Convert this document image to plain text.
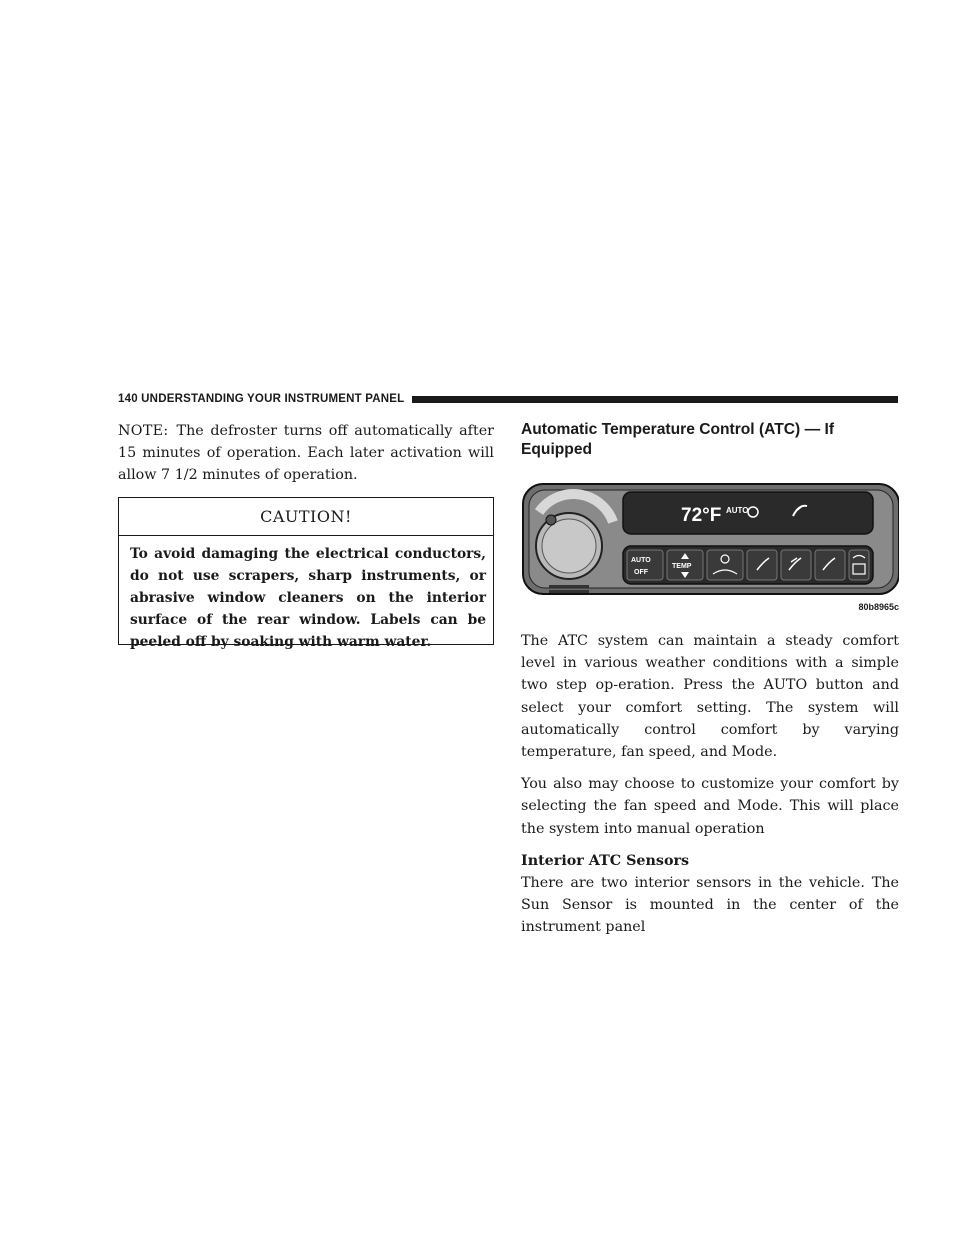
140 UNDERSTANDING YOUR INSTRUMENT PANEL

NOTE: The defroster turns off automatically after 15 minutes of operation. Each later activation will allow 7 1/2 minutes of operation.

CAUTION!

To avoid damaging the electrical conductors, do not use scrapers, sharp instruments, or abrasive window cleaners on the interior surface of the rear window. Labels can be peeled off by soaking with warm water.

Automatic Temperature Control (ATC) — If Equipped
72°F AUTO
AUTO
OFF
TEMP
80b8965c

The ATC system can maintain a steady comfort level in various weather conditions with a simple two step op-eration. Press the AUTO button and select your comfort setting. The system will automatically control comfort by varying temperature, fan speed, and Mode.

You also may choose to customize your comfort by selecting the fan speed and Mode. This will place the system into manual operation

Interior ATC Sensors

There are two interior sensors in the vehicle. The Sun Sensor is mounted in the center of the instrument panel
